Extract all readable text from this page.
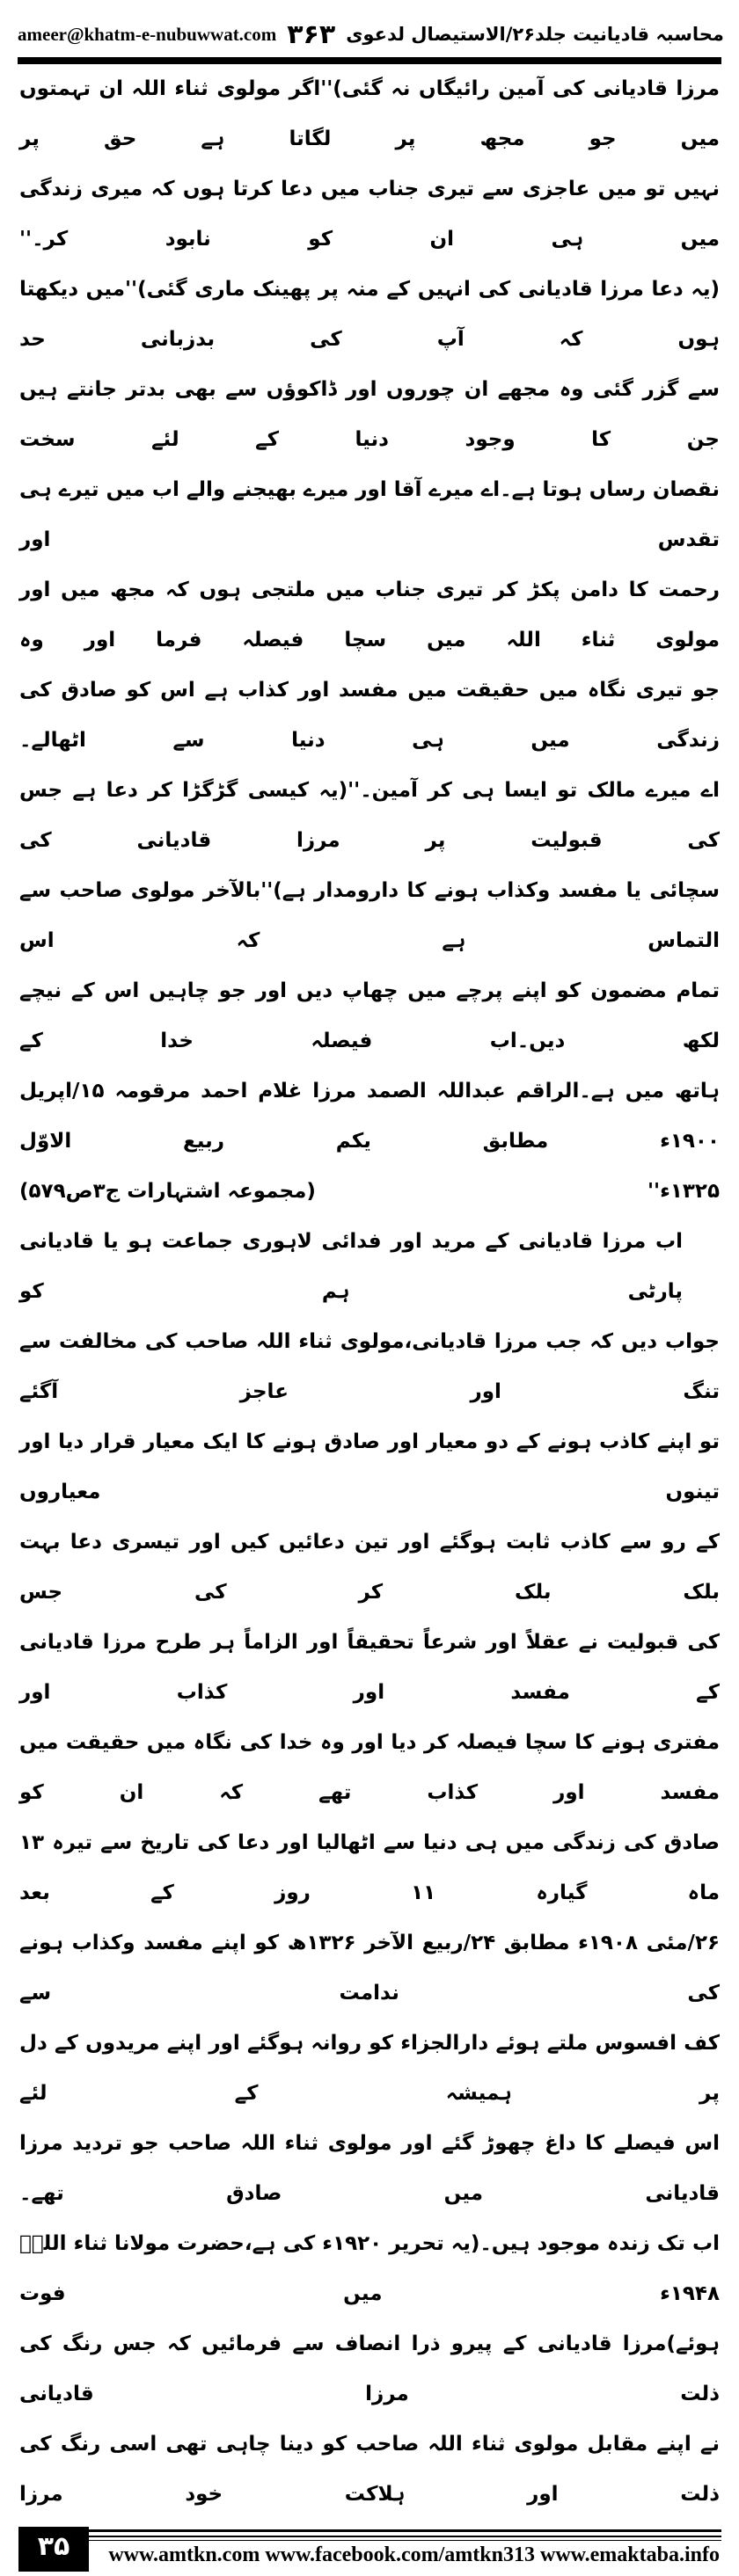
ameer@khatm-e-nubuwwat.com ۳۶۳ محاسبہ قادیانیت جلد۲۶/الاستیصال لدعوی
مرزا قادیانی کی آمین رائیگاں نہ گئی)''اگر مولوی ثناء اللہ ان تہمتوں میں جو مجھ پر لگاتا ہے حق پر
نہیں تو میں عاجزی سے تیری جناب میں دعا کرتا ہوں کہ میری زندگی میں ہی ان کو نابود کر۔''
(یہ دعا مرزا قادیانی کی انہیں کے منہ پر پھینک ماری گئی)''میں دیکھتا ہوں کہ آپ کی بدزبانی حد
سے گزر گئی وہ مجھے ان چوروں اور ڈاکوؤں سے بھی بدتر جانتے ہیں جن کا وجود دنیا کے لئے سخت
نقصان رساں ہوتا ہے۔اے میرے آقا اور میرے بھیجنے والے اب میں تیرے ہی تقدس اور
رحمت کا دامن پکڑ کر تیری جناب میں ملتجی ہوں کہ مجھ میں اور مولوی ثناء اللہ میں سچا فیصلہ فرما اور وہ
جو تیری نگاہ میں حقیقت میں مفسد اور کذاب ہے اس کو صادق کی زندگی میں ہی دنیا سے اٹھالے۔
اے میرے مالک تو ایسا ہی کر آمین۔''(یہ کیسی گڑگڑا کر دعا ہے جس کی قبولیت پر مرزا قادیانی کی
سچائی یا مفسد وکذاب ہونے کا دارومدار ہے)''بالآخر مولوی صاحب سے التماس ہے کہ اس
تمام مضمون کو اپنے پرچے میں چھاپ دیں اور جو چاہیں اس کے نیچے لکھ دیں۔اب فیصلہ خدا کے
ہاتھ میں ہے۔الراقم عبداللہ الصمد مرزا غلام احمد مرقومہ ۱۵/اپریل ۱۹۰۰ء مطابق یکم ربیع الاوّل
(مجموعہ اشتہارات ج۳ص۵۷۹)	۱۳۲۵ء''
اب مرزا قادیانی کے مرید اور فدائی لاہوری جماعت ہو یا قادیانی پارٹی ہم کو
جواب دیں کہ جب مرزا قادیانی،مولوی ثناء اللہ صاحب کی مخالفت سے تنگ اور عاجز آگئے
تو اپنے کاذب ہونے کے دو معیار اور صادق ہونے کا ایک معیار قرار دیا اور تینوں معیاروں
کے رو سے کاذب ثابت ہوگئے اور تین دعائیں کیں اور تیسری دعا بہت بلک بلک کر کی جس
کی قبولیت نے عقلاً اور شرعاً تحقیقاً اور الزاماً ہر طرح مرزا قادیانی کے مفسد اور کذاب اور
مفتری ہونے کا سچا فیصلہ کر دیا اور وہ خدا کی نگاہ میں حقیقت میں مفسد اور کذاب تھے کہ ان کو
صادق کی زندگی میں ہی دنیا سے اٹھالیا اور دعا کی تاریخ سے تیرہ ۱۳ ماہ گیارہ ۱۱ روز کے بعد
۲۶/مئی ۱۹۰۸ء مطابق ۲۴/ربیع الآخر ۱۳۲۶ھ کو اپنے مفسد وکذاب ہونے کی ندامت سے
کف افسوس ملتے ہوئے دارالجزاء کو روانہ ہوگئے اور اپنے مریدوں کے دل پر ہمیشہ کے لئے
اس فیصلے کا داغ چھوڑ گئے اور مولوی ثناء اللہ صاحب جو تردید مرزا قادیانی میں صادق تھے۔
اب تک زندہ موجود ہیں۔(یہ تحریر ۱۹۲۰ء کی ہے،حضرت مولانا ثناء اللہؒ ۱۹۴۸ء میں فوت
ہوئے)مرزا قادیانی کے پیرو ذرا انصاف سے فرمائیں کہ جس رنگ کی ذلت مرزا قادیانی
نے اپنے مقابل مولوی ثناء اللہ صاحب کو دینا چاہی تھی اسی رنگ کی ذلت اور ہلاکت خود مرزا
۳۵	www.amtkn.com www.facebook.com/amtkn313 www.emaktaba.info
